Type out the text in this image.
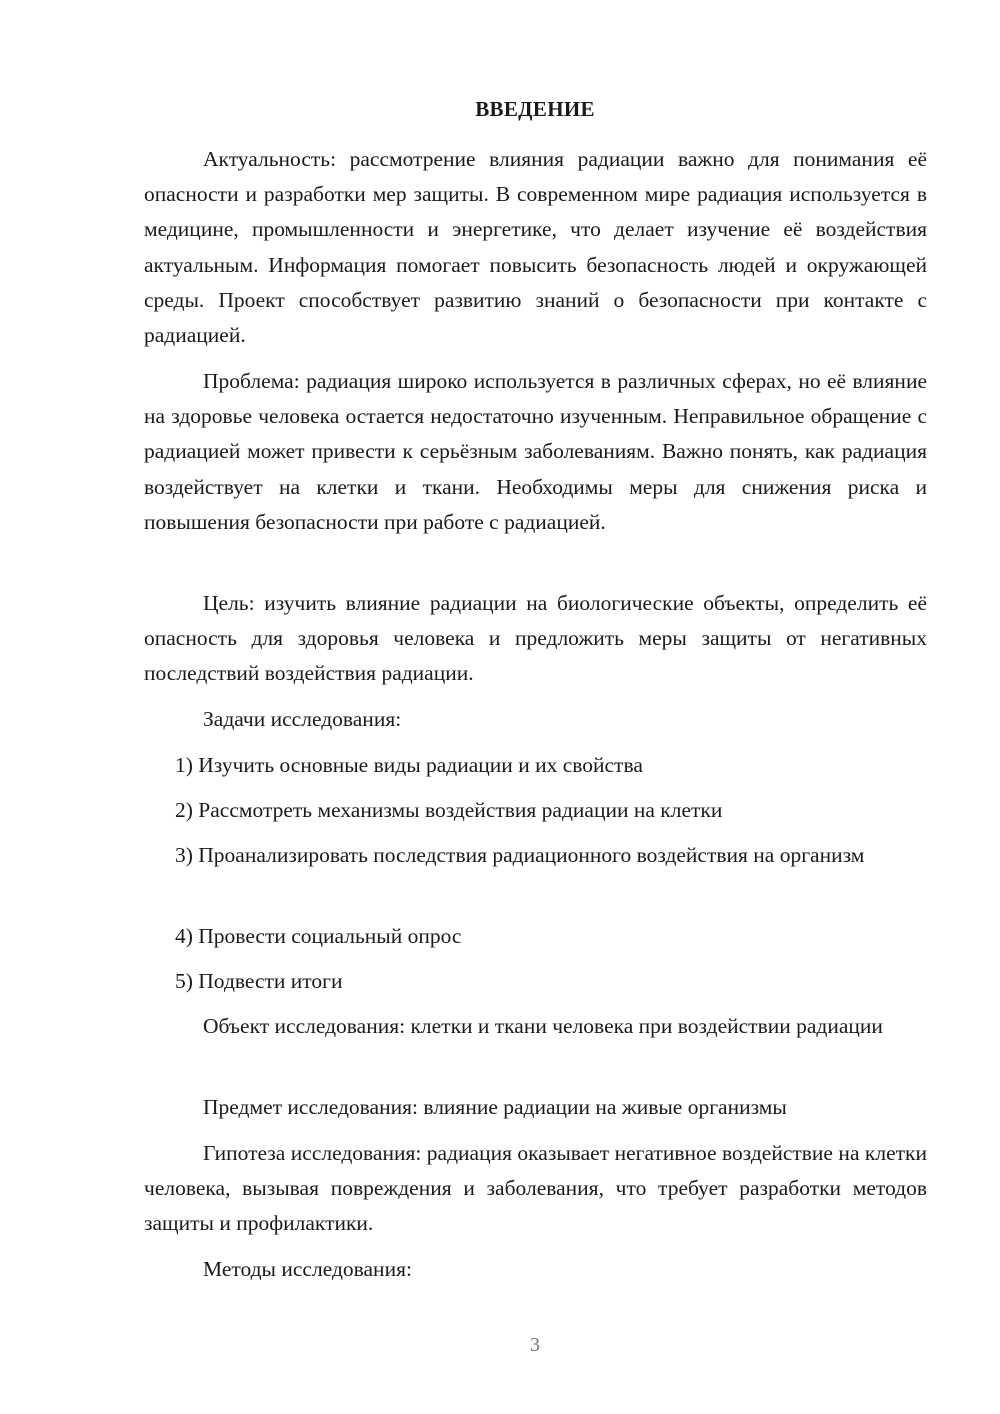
ВВЕДЕНИЕ

Актуальность: рассмотрение влияния радиации важно для понимания её опасности и разработки мер защиты. В современном мире радиация используется в медицине, промышленности и энергетике, что делает изучение её воздействия актуальным. Информация помогает повысить безопасность людей и окружающей среды. Проект способствует развитию знаний о безопасности при контакте с радиацией.

Проблема: радиация широко используется в различных сферах, но её влияние на здоровье человека остается недостаточно изученным. Неправильное обращение с радиацией может привести к серьёзным заболеваниям. Важно понять, как радиация воздействует на клетки и ткани. Необходимы меры для снижения риска и повышения безопасности при работе с радиацией.

Цель: изучить влияние радиации на биологические объекты, определить её опасность для здоровья человека и предложить меры защиты от негативных последствий воздействия радиации.

Задачи исследования:

1) Изучить основные виды радиации и их свойства

2) Рассмотреть механизмы воздействия радиации на клетки

3) Проанализировать последствия радиационного воздействия на организм

4) Провести социальный опрос

5) Подвести итоги

Объект исследования: клетки и ткани человека при воздействии радиации

Предмет исследования: влияние радиации на живые организмы

Гипотеза исследования: радиация оказывает негативное воздействие на клетки человека, вызывая повреждения и заболевания, что требует разработки методов защиты и профилактики.

Методы исследования:

3
